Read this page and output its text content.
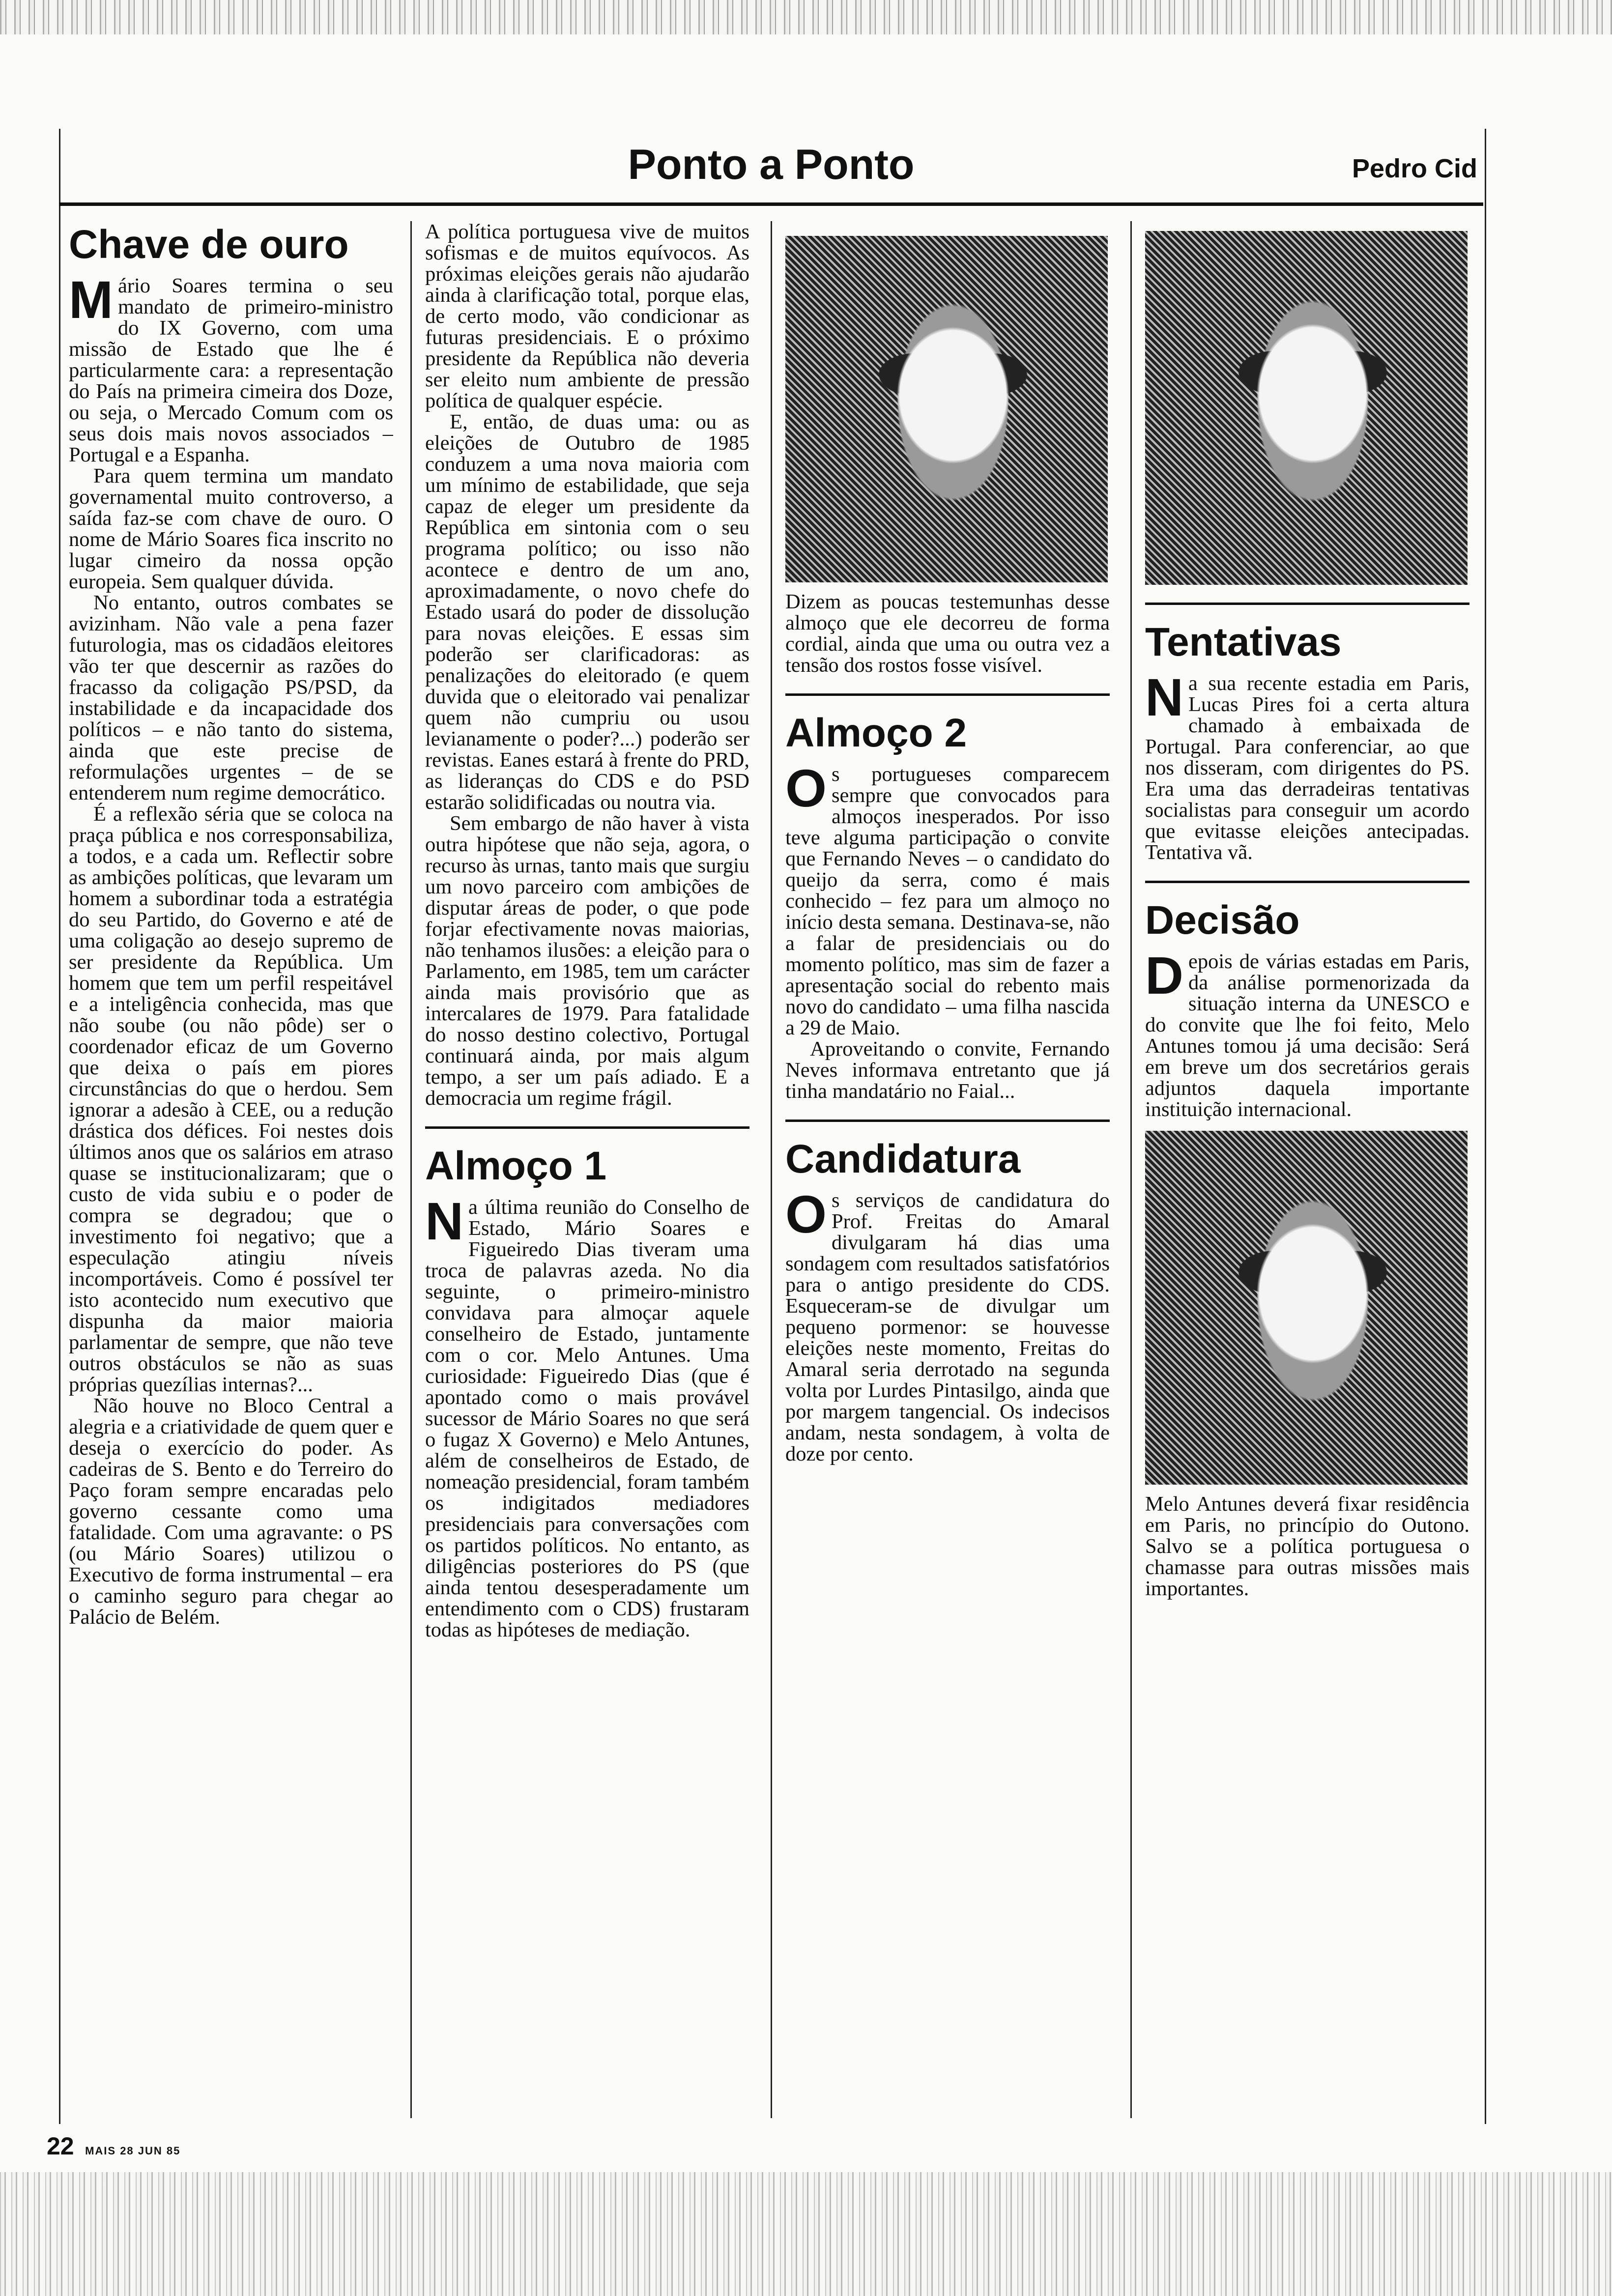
Ponto a Ponto	Pedro Cid
Chave de ouro

Mário Soares termina o seu mandato de primeiro-ministro do IX Governo, com uma missão de Estado que lhe é particularmente cara: a representação do País na primeira cimeira dos Doze, ou seja, o Mercado Comum com os seus dois mais novos associados – Portugal e a Espanha.

Para quem termina um mandato governamental muito controverso, a saída faz-se com chave de ouro. O nome de Mário Soares fica inscrito no lugar cimeiro da nossa opção europeia. Sem qualquer dúvida.

No entanto, outros combates se avizinham. Não vale a pena fazer futurologia, mas os cidadãos eleitores vão ter que descernir as razões do fracasso da coligação PS/PSD, da instabilidade e da incapacidade dos políticos – e não tanto do sistema, ainda que este precise de reformulações urgentes – de se entenderem num regime democrático.

É a reflexão séria que se coloca na praça pública e nos corresponsabiliza, a todos, e a cada um. Reflectir sobre as ambições políticas, que levaram um homem a subordinar toda a estratégia do seu Partido, do Governo e até de uma coligação ao desejo supremo de ser presidente da República. Um homem que tem um perfil respeitável e a inteligência conhecida, mas que não soube (ou não pôde) ser o coordenador eficaz de um Governo que deixa o país em piores circunstâncias do que o herdou. Sem ignorar a adesão à CEE, ou a redução drástica dos défices. Foi nestes dois últimos anos que os salários em atraso quase se institucionalizaram; que o custo de vida subiu e o poder de compra se degradou; que o investimento foi negativo; que a especulação atingiu níveis incomportáveis. Como é possível ter isto acontecido num executivo que dispunha da maior maioria parlamentar de sempre, que não teve outros obstáculos se não as suas próprias quezílias internas?...

Não houve no Bloco Central a alegria e a criatividade de quem quer e deseja o exercício do poder. As cadeiras de S. Bento e do Terreiro do Paço foram sempre encaradas pelo governo cessante como uma fatalidade. Com uma agravante: o PS (ou Mário Soares) utilizou o Executivo de forma instrumental – era o caminho seguro para chegar ao Palácio de Belém.

A política portuguesa vive de muitos sofismas e de muitos equívocos. As próximas eleições gerais não ajudarão ainda à clarificação total, porque elas, de certo modo, vão condicionar as futuras presidenciais. E o próximo presidente da República não deveria ser eleito num ambiente de pressão política de qualquer espécie.

E, então, de duas uma: ou as eleições de Outubro de 1985 conduzem a uma nova maioria com um mínimo de estabilidade, que seja capaz de eleger um presidente da República em sintonia com o seu programa político; ou isso não acontece e dentro de um ano, aproximadamente, o novo chefe do Estado usará do poder de dissolução para novas eleições. E essas sim poderão ser clarificadoras: as penalizações do eleitorado (e quem duvida que o eleitorado vai penalizar quem não cumpriu ou usou levianamente o poder?...) poderão ser revistas. Eanes estará à frente do PRD, as lideranças do CDS e do PSD estarão solidificadas ou noutra via.

Sem embargo de não haver à vista outra hipótese que não seja, agora, o recurso às urnas, tanto mais que surgiu um novo parceiro com ambições de disputar áreas de poder, o que pode forjar efectivamente novas maiorias, não tenhamos ilusões: a eleição para o Parlamento, em 1985, tem um carácter ainda mais provisório que as intercalares de 1979. Para fatalidade do nosso destino colectivo, Portugal continuará ainda, por mais algum tempo, a ser um país adiado. E a democracia um regime frágil.

Almoço 1

Na última reunião do Conselho de Estado, Mário Soares e Figueiredo Dias tiveram uma troca de palavras azeda. No dia seguinte, o primeiro-ministro convidava para almoçar aquele conselheiro de Estado, juntamente com o cor. Melo Antunes. Uma curiosidade: Figueiredo Dias (que é apontado como o mais provável sucessor de Mário Soares no que será o fugaz X Governo) e Melo Antunes, além de conselheiros de Estado, de nomeação presidencial, foram também os indigitados mediadores presidenciais para conversações com os partidos políticos. No entanto, as diligências posteriores do PS (que ainda tentou desesperadamente um entendimento com o CDS) frustaram todas as hipóteses de mediação.

Dizem as poucas testemunhas desse almoço que ele decorreu de forma cordial, ainda que uma ou outra vez a tensão dos rostos fosse visível.

Almoço 2

Os portugueses comparecem sempre que convocados para almoços inesperados. Por isso teve alguma participação o convite que Fernando Neves – o candidato do queijo da serra, como é mais conhecido – fez para um almoço no início desta semana. Destinava-se, não a falar de presidenciais ou do momento político, mas sim de fazer a apresentação social do rebento mais novo do candidato – uma filha nascida a 29 de Maio.

Aproveitando o convite, Fernando Neves informava entretanto que já tinha mandatário no Faial...

Candidatura

Os serviços de candidatura do Prof. Freitas do Amaral divulgaram há dias uma sondagem com resultados satisfatórios para o antigo presidente do CDS. Esqueceram-se de divulgar um pequeno pormenor: se houvesse eleições neste momento, Freitas do Amaral seria derrotado na segunda volta por Lurdes Pintasilgo, ainda que por margem tangencial. Os indecisos andam, nesta sondagem, à volta de doze por cento.

Tentativas

Na sua recente estadia em Paris, Lucas Pires foi a certa altura chamado à embaixada de Portugal. Para conferenciar, ao que nos disseram, com dirigentes do PS. Era uma das derradeiras tentativas socialistas para conseguir um acordo que evitasse eleições antecipadas. Tentativa vã.

Decisão

Depois de várias estadas em Paris, da análise pormenorizada da situação interna da UNESCO e do convite que lhe foi feito, Melo Antunes tomou já uma decisão: Será em breve um dos secretários gerais adjuntos daquela importante instituição internacional.

Melo Antunes deverá fixar residência em Paris, no princípio do Outono. Salvo se a política portuguesa o chamasse para outras missões mais importantes.

22 MAIS 28 JUN 85
